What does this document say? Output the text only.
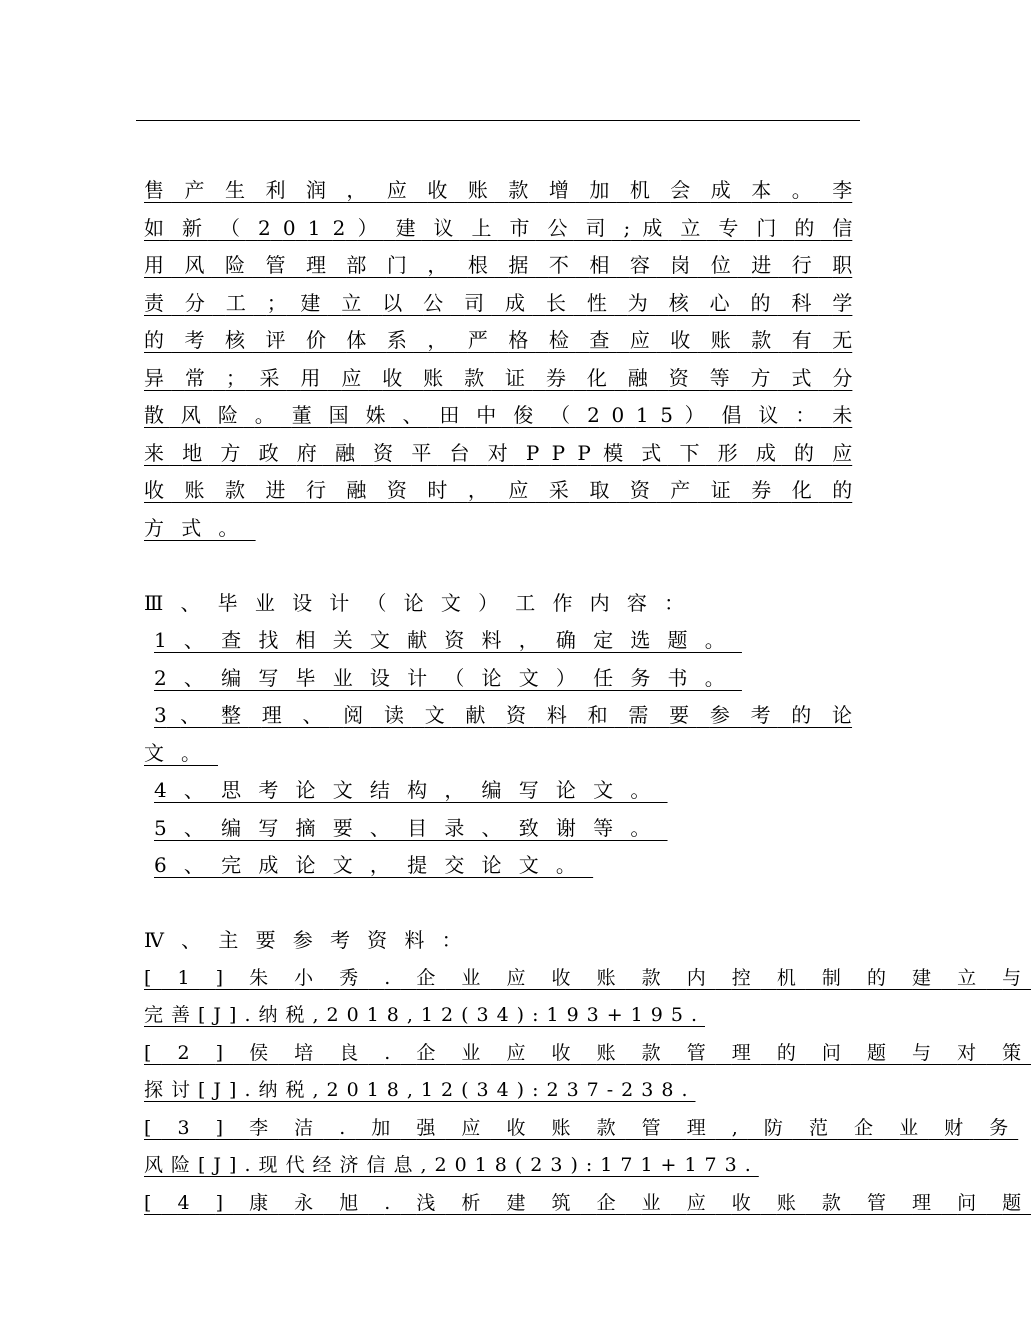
售 产 生 利 润 ， 应 收 账 款 增 加 机 会 成 本 。 李
如 新 （ 2 0 1 2 ） 建 议 上 市 公 司 ; 成 立 专 门 的 信
用 风 险 管 理 部 门 ， 根 据 不 相 容 岗 位 进 行 职
责 分 工 ； 建 立 以 公 司 成 长 性 为 核 心 的 科 学
的 考 核 评 价 体 系 ， 严 格 检 查 应 收 账 款 有 无
异 常 ； 采 用 应 收 账 款 证 券 化 融 资 等 方 式 分
散 风 险 。 董 国 姝 、 田 中 俊 （ 2 0 1 5 ） 倡 议 ： 未
来 地 方 政 府 融 资 平 台 对 P P P 模 式 下 形 成 的 应
收 账 款 进 行 融 资 时 ， 应 采 取 资 产 证 券 化 的
方式。
Ⅲ、毕业设计（论文）工作内容：
1、查找相关文献资料，确定选题。
2、编写毕业设计（论文）任务书。
3 、 整 理 、 阅 读 文 献 资 料 和 需 要 参 考 的 论
文。
4、思考论文结构，编写论文。
5、编写摘要、目录、致谢等。
6、完成论文，提交论文。
Ⅳ、主要参考资料：
[ 1 ] 朱 小 秀 . 企 业 应 收 账 款 内 控 机 制 的 建 立 与
完善[J].纳税,2018,12(34):193+195.
[ 2 ] 侯 培 良 . 企 业 应 收 账 款 管 理 的 问 题 与 对 策
探讨[J].纳税,2018,12(34):237-238.
[ 3 ] 李 洁 . 加 强 应 收 账 款 管 理 , 防 范 企 业 财 务
风险[J].现代经济信息,2018(23):171+173.
[ 4 ] 康 永 旭 . 浅 析 建 筑 企 业 应 收 账 款 管 理 问 题
